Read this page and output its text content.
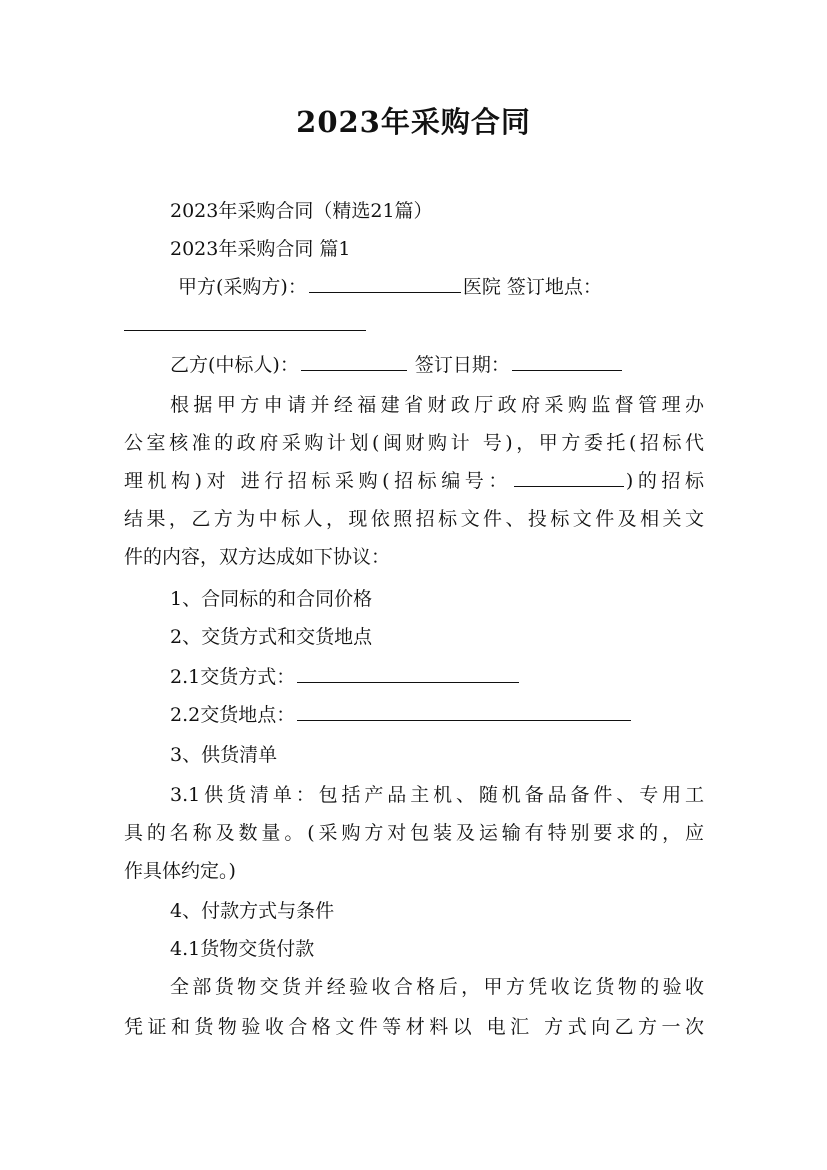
2023年采购合同
2023年采购合同（精选21篇）
2023年采购合同 篇1
甲方(采购方)：	医院 签订地点：
乙方(中标人)：	签订日期：
根据甲方申请并经福建省财政厅政府采购监督管理办
公室核准的政府采购计划(闽财购计 号)，甲方委托(招标代
理机构)对 进行招标采购(招标编号：	)的招标
结果，乙方为中标人，现依照招标文件、投标文件及相关文
件的内容，双方达成如下协议：
1、合同标的和合同价格
2、交货方式和交货地点
2.1交货方式：
2.2交货地点：
3、供货清单
3.1供货清单：包括产品主机、随机备品备件、专用工
具的名称及数量。(采购方对包装及运输有特别要求的，应
作具体约定。)
4、付款方式与条件
4.1货物交货付款
全部货物交货并经验收合格后，甲方凭收讫货物的验收
凭证和货物验收合格文件等材料以 电汇 方式向乙方一次
